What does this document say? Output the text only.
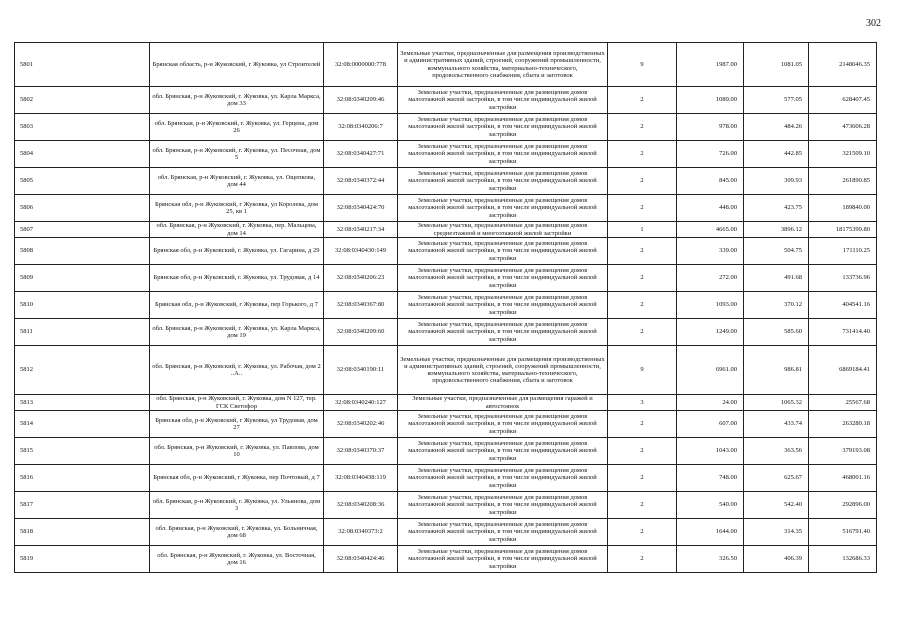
302
5801	Брянская область, р-н Жуковский, г Жуковка, ул Строителей	32:08:0000000:778	Земельные участки, предназначенные для размещения производственных и административных зданий, строений, сооружений промышленности, коммунального хозяйства, материально-технического, продовольственного снабжения, сбыта и заготовок	9	1987.00	1081.05	2148046.35
5802	обл. Брянская, р-н Жуковский, г. Жуковка, ул. Карла Маркса, дом 33	32:08:0340209:46	Земельные участки, предназначенные для размещения домов малоэтажной жилой застройки, в том числе индивидуальной жилой застройки	2	1089.00	577.05	628407.45
5803	обл. Брянская, р-н Жуковский, г. Жуковка, ул. Герцена, дом 26	32:08:0340206:7	Земельные участки, предназначенные для размещения домов малоэтажной жилой застройки, в том числе индивидуальной жилой застройки	2	978.00	484.26	473606.28
5804	обл. Брянская, р-н Жуковский, г. Жуковка, ул. Песочная, дом 5	32:08:0340427:71	Земельные участки, предназначенные для размещения домов малоэтажной жилой застройки, в том числе индивидуальной жилой застройки	2	726.00	442.85	321509.10
5805	обл. Брянская, р-н Жуковский, г. Жуковка, ул. Ощепкова, дом 44	32:08:0340372:44	Земельные участки, предназначенные для размещения домов малоэтажной жилой застройки, в том числе индивидуальной жилой застройки	2	845.00	309.93	261890.85
5806	Брянская обл, р-н Жуковский, г Жуковка, ул Королева, дом 25, кв 1	32:08:0340424:70	Земельные участки, предназначенные для размещения домов малоэтажной жилой застройки, в том числе индивидуальной жилой застройки	2	448.00	423.75	189840.00
5807	обл. Брянская, р-н Жуковский, г. Жуковка, пер. Мальцева, дом 14	32:08:0340217:34	Земельные участки, предназначенные для размещения домов среднеэтажной и многоэтажной жилой застройки	1	4665.00	3896.12	18175399.80
5808	Брянская обл, р-н Жуковский, г. Жуковка, ул. Гагарина, д 29	32:08:0340430:149	Земельные участки, предназначенные для размещения домов малоэтажной жилой застройки, в том числе индивидуальной жилой застройки	2	339.00	504.75	171110.25
5809	Брянская обл, р-н Жуковский, г. Жуковка, ул. Трудовая, д 14	32:08:0340206:23	Земельные участки, предназначенные для размещения домов малоэтажной жилой застройки, в том числе индивидуальной жилой застройки	2	272.00	491.68	133736.96
5810	Брянская обл, р-н Жуковский, г Жуковка, пер Горького, д 7	32:08:0340367:80	Земельные участки, предназначенные для размещения домов малоэтажной жилой застройки, в том числе индивидуальной жилой застройки	2	1093.00	370.12	404541.16
5811	обл. Брянская, р-н Жуковский, г. Жуковка, ул. Карла Маркса, дом 19	32:08:0340209:60	Земельные участки, предназначенные для размещения домов малоэтажной жилой застройки, в том числе индивидуальной жилой застройки	2	1249.00	585.60	731414.40
5812	обл. Брянская, р-н Жуковский, г. Жуковка, ул. Рабочая, дом 2 ..А..	32:08:0340190:11	Земельные участки, предназначенные для размещения производственных и административных зданий, строений, сооружений промышленности, коммунального хозяйства, материально-технического, продовольственного снабжения, сбыта и заготовок	9	6961.00	986.81	6869184.41
5813	обл. Брянская, р-н Жуковский, г. Жуковка, дом N 127, тер. ГСК Светофор	32:08:0340240:127	Земельные участки, предназначенные для размещения гаражей и автостоянок	3	24.00	1065.32	25567.68
5814	Брянская обл, р-н Жуковский, г Жуковка, ул Трудовая, дом 27	32:08:0340202:46	Земельные участки, предназначенные для размещения домов малоэтажной жилой застройки, в том числе индивидуальной жилой застройки	2	607.00	433.74	263280.18
5815	обл. Брянская, р-н Жуковский, г. Жуковка, ул. Павлова, дом 10	32:08:0340370:37	Земельные участки, предназначенные для размещения домов малоэтажной жилой застройки, в том числе индивидуальной жилой застройки	2	1043.00	363.56	379193.08
5816	Брянская обл, р-н Жуковский, г Жуковка, пер Почтовый, д 7	32:08:0340438:119	Земельные участки, предназначенные для размещения домов малоэтажной жилой застройки, в том числе индивидуальной жилой застройки	2	748.00	625.67	468001.16
5817	обл. Брянская, р-н Жуковский, г. Жуковка, ул. Ульянова, дом 3	32:08:0340208:36	Земельные участки, предназначенные для размещения домов малоэтажной жилой застройки, в том числе индивидуальной жилой застройки	2	540.00	542.40	292896.00
5818	обл. Брянская, р-н Жуковский, г. Жуковка, ул. Больничная, дом 68	32:08:0340373:2	Земельные участки, предназначенные для размещения домов малоэтажной жилой застройки, в том числе индивидуальной жилой застройки	2	1644.00	314.35	516791.40
5819	обл. Брянская, р-н Жуковский, г. Жуковка, ул. Восточная, дом 16	32:08:0340424:46	Земельные участки, предназначенные для размещения домов малоэтажной жилой застройки, в том числе индивидуальной жилой застройки	2	326.50	406.39	132686.33
